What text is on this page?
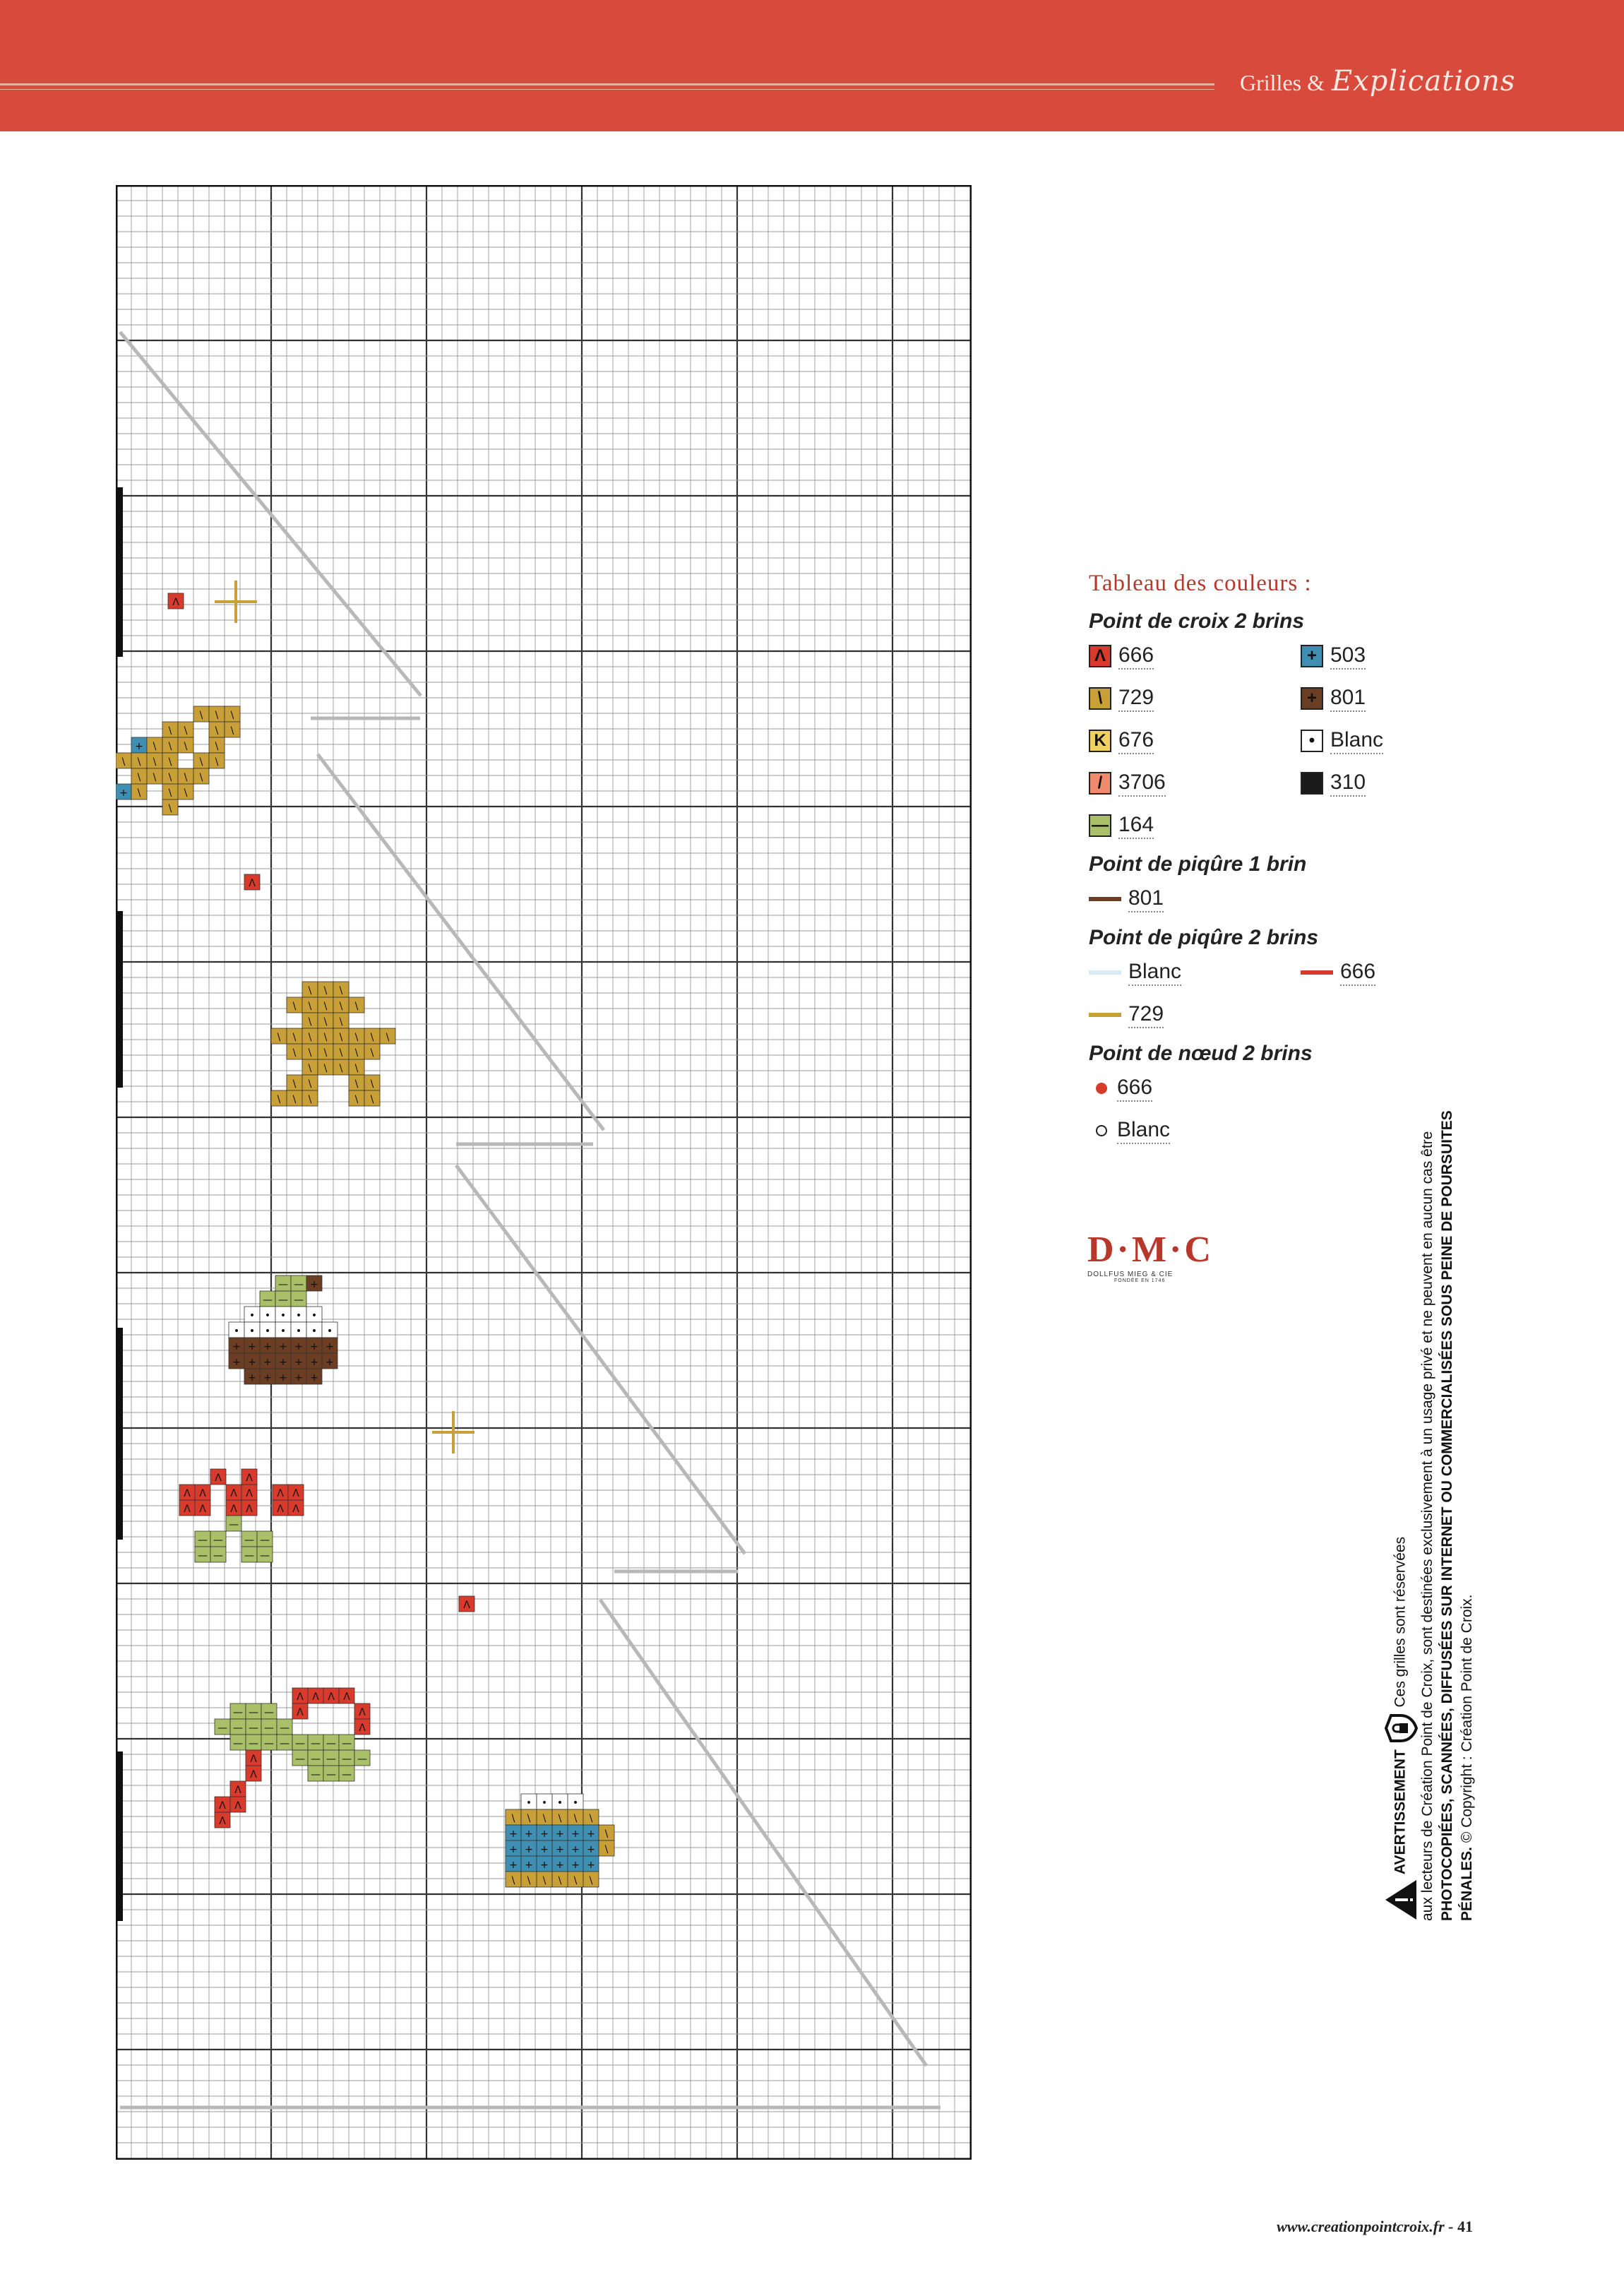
Grilles & Explications
Λ
Λ
Λ
\ \ \
\ \	\ \
+ \ \ \	\
\ \ \ \	\ \
\ \ \ \ \
+ \	\ \
\
\ \ \
\ \ \ \ \
\ \ \
\ \ \ \ \ \ \ \
\ \ \ \ \ \
\ \ \ \
\ \	\ \
\ \ \	\ \
— — +
— — —
• • • • •
• • • • • • •
+ + + + + + +
+ + + + + + +
+ + + + +
Λ Λ
Λ Λ Λ Λ Λ Λ
Λ Λ Λ Λ Λ Λ
—
— — — —
— — — —
Λ Λ Λ Λ
— — — Λ	Λ
— — — — —	Λ
— — — — — — — —
Λ	— — — — —
Λ	— — —
Λ
Λ Λ
Λ
• • • •
\ \ \ \ \ \
+ + + + + + \
+ + + + + + \
+ + + + + +
\ \ \ \ \ \
Tableau des couleurs :
Point de croix 2 brins
Λ 666	+ 503
\ 729	+ 801
K 676	• Blanc
/ 3706	310
— 164
Point de piqûre 1 brin
801
Point de piqûre 2 brins
Blanc	666
729
Point de nœud 2 brins
666
Blanc
D·M·C
DOLLFUS MIEG & CIE
FONDÉE EN 1746
AVERTISSEMENT  Ces grilles sont réservées aux lecteurs de Création Point de Croix, sont destinées exclusivement à un usage privé et ne peuvent en aucun cas être PHOTOCOPIÉES, SCANNÉES, DIFFUSÉES SUR INTERNET OU COMMERCIALISÉES SOUS PEINE DE POURSUITES PÉNALES. © Copyright : Création Point de Croix.
www.creationpointcroix.fr - 41
